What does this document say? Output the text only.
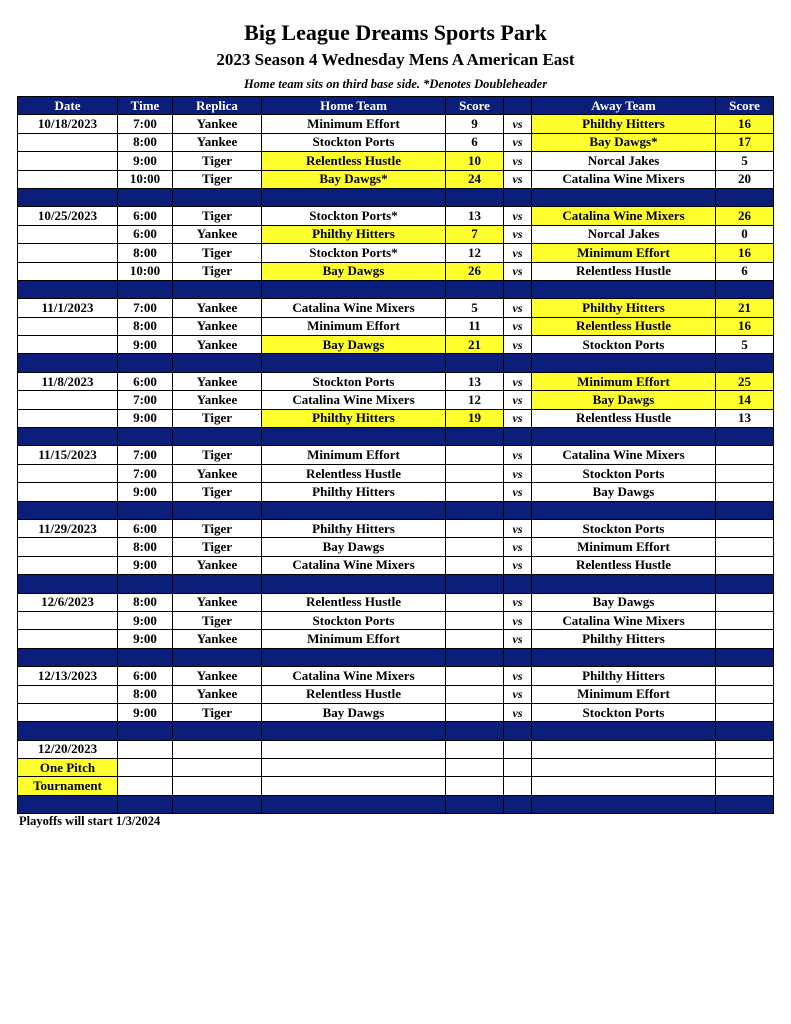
Big League Dreams Sports Park
2023 Season 4 Wednesday Mens A American East
Home team sits on third base side. *Denotes Doubleheader
Date	Time	Replica	Home Team	Score		Away Team	Score
10/18/2023	7:00	Yankee	Minimum Effort	9	vs	Philthy Hitters	16
	8:00	Yankee	Stockton Ports	6	vs	Bay Dawgs*	17
	9:00	Tiger	Relentless Hustle	10	vs	Norcal Jakes	5
	10:00	Tiger	Bay Dawgs*	24	vs	Catalina Wine Mixers	20

10/25/2023	6:00	Tiger	Stockton Ports*	13	vs	Catalina Wine Mixers	26
	6:00	Yankee	Philthy Hitters	7	vs	Norcal Jakes	0
	8:00	Tiger	Stockton Ports*	12	vs	Minimum Effort	16
	10:00	Tiger	Bay Dawgs	26	vs	Relentless Hustle	6

11/1/2023	7:00	Yankee	Catalina Wine Mixers	5	vs	Philthy Hitters	21
	8:00	Yankee	Minimum Effort	11	vs	Relentless Hustle	16
	9:00	Yankee	Bay Dawgs	21	vs	Stockton Ports	5

11/8/2023	6:00	Yankee	Stockton Ports	13	vs	Minimum Effort	25
	7:00	Yankee	Catalina Wine Mixers	12	vs	Bay Dawgs	14
	9:00	Tiger	Philthy Hitters	19	vs	Relentless Hustle	13

11/15/2023	7:00	Tiger	Minimum Effort		vs	Catalina Wine Mixers	
	7:00	Yankee	Relentless Hustle		vs	Stockton Ports	
	9:00	Tiger	Philthy Hitters		vs	Bay Dawgs	

11/29/2023	6:00	Tiger	Philthy Hitters		vs	Stockton Ports	
	8:00	Tiger	Bay Dawgs		vs	Minimum Effort	
	9:00	Yankee	Catalina Wine Mixers		vs	Relentless Hustle	

12/6/2023	8:00	Yankee	Relentless Hustle		vs	Bay Dawgs	
	9:00	Tiger	Stockton Ports		vs	Catalina Wine Mixers	
	9:00	Yankee	Minimum Effort		vs	Philthy Hitters	

12/13/2023	6:00	Yankee	Catalina Wine Mixers		vs	Philthy Hitters	
	8:00	Yankee	Relentless Hustle		vs	Minimum Effort	
	9:00	Tiger	Bay Dawgs		vs	Stockton Ports	

12/20/2023							
One Pitch							
Tournament							

Playoffs will start 1/3/2024
